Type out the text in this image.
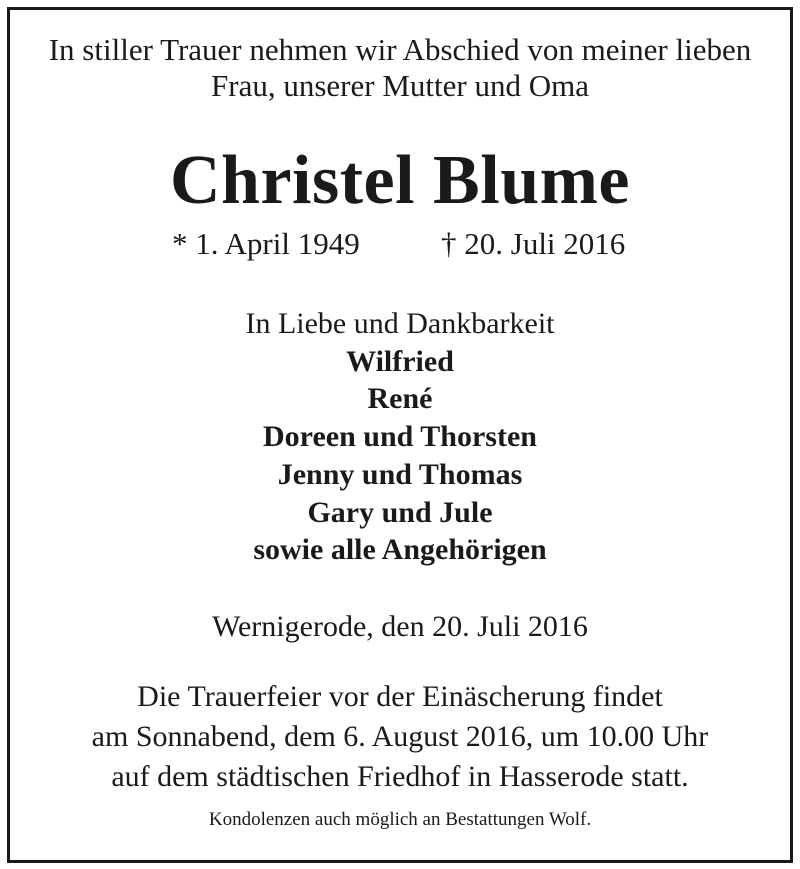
In stiller Trauer nehmen wir Abschied von meiner lieben
Frau, unserer Mutter und Oma
Christel Blume
* 1. April 1949	† 20. Juli 2016
In Liebe und Dankbarkeit
Wilfried
René
Doreen und Thorsten
Jenny und Thomas
Gary und Jule
sowie alle Angehörigen
Wernigerode, den 20. Juli 2016
Die Trauerfeier vor der Einäscherung findet
am Sonnabend, dem 6. August 2016, um 10.00 Uhr
auf dem städtischen Friedhof in Hasserode statt.
Kondolenzen auch möglich an Bestattungen Wolf.
